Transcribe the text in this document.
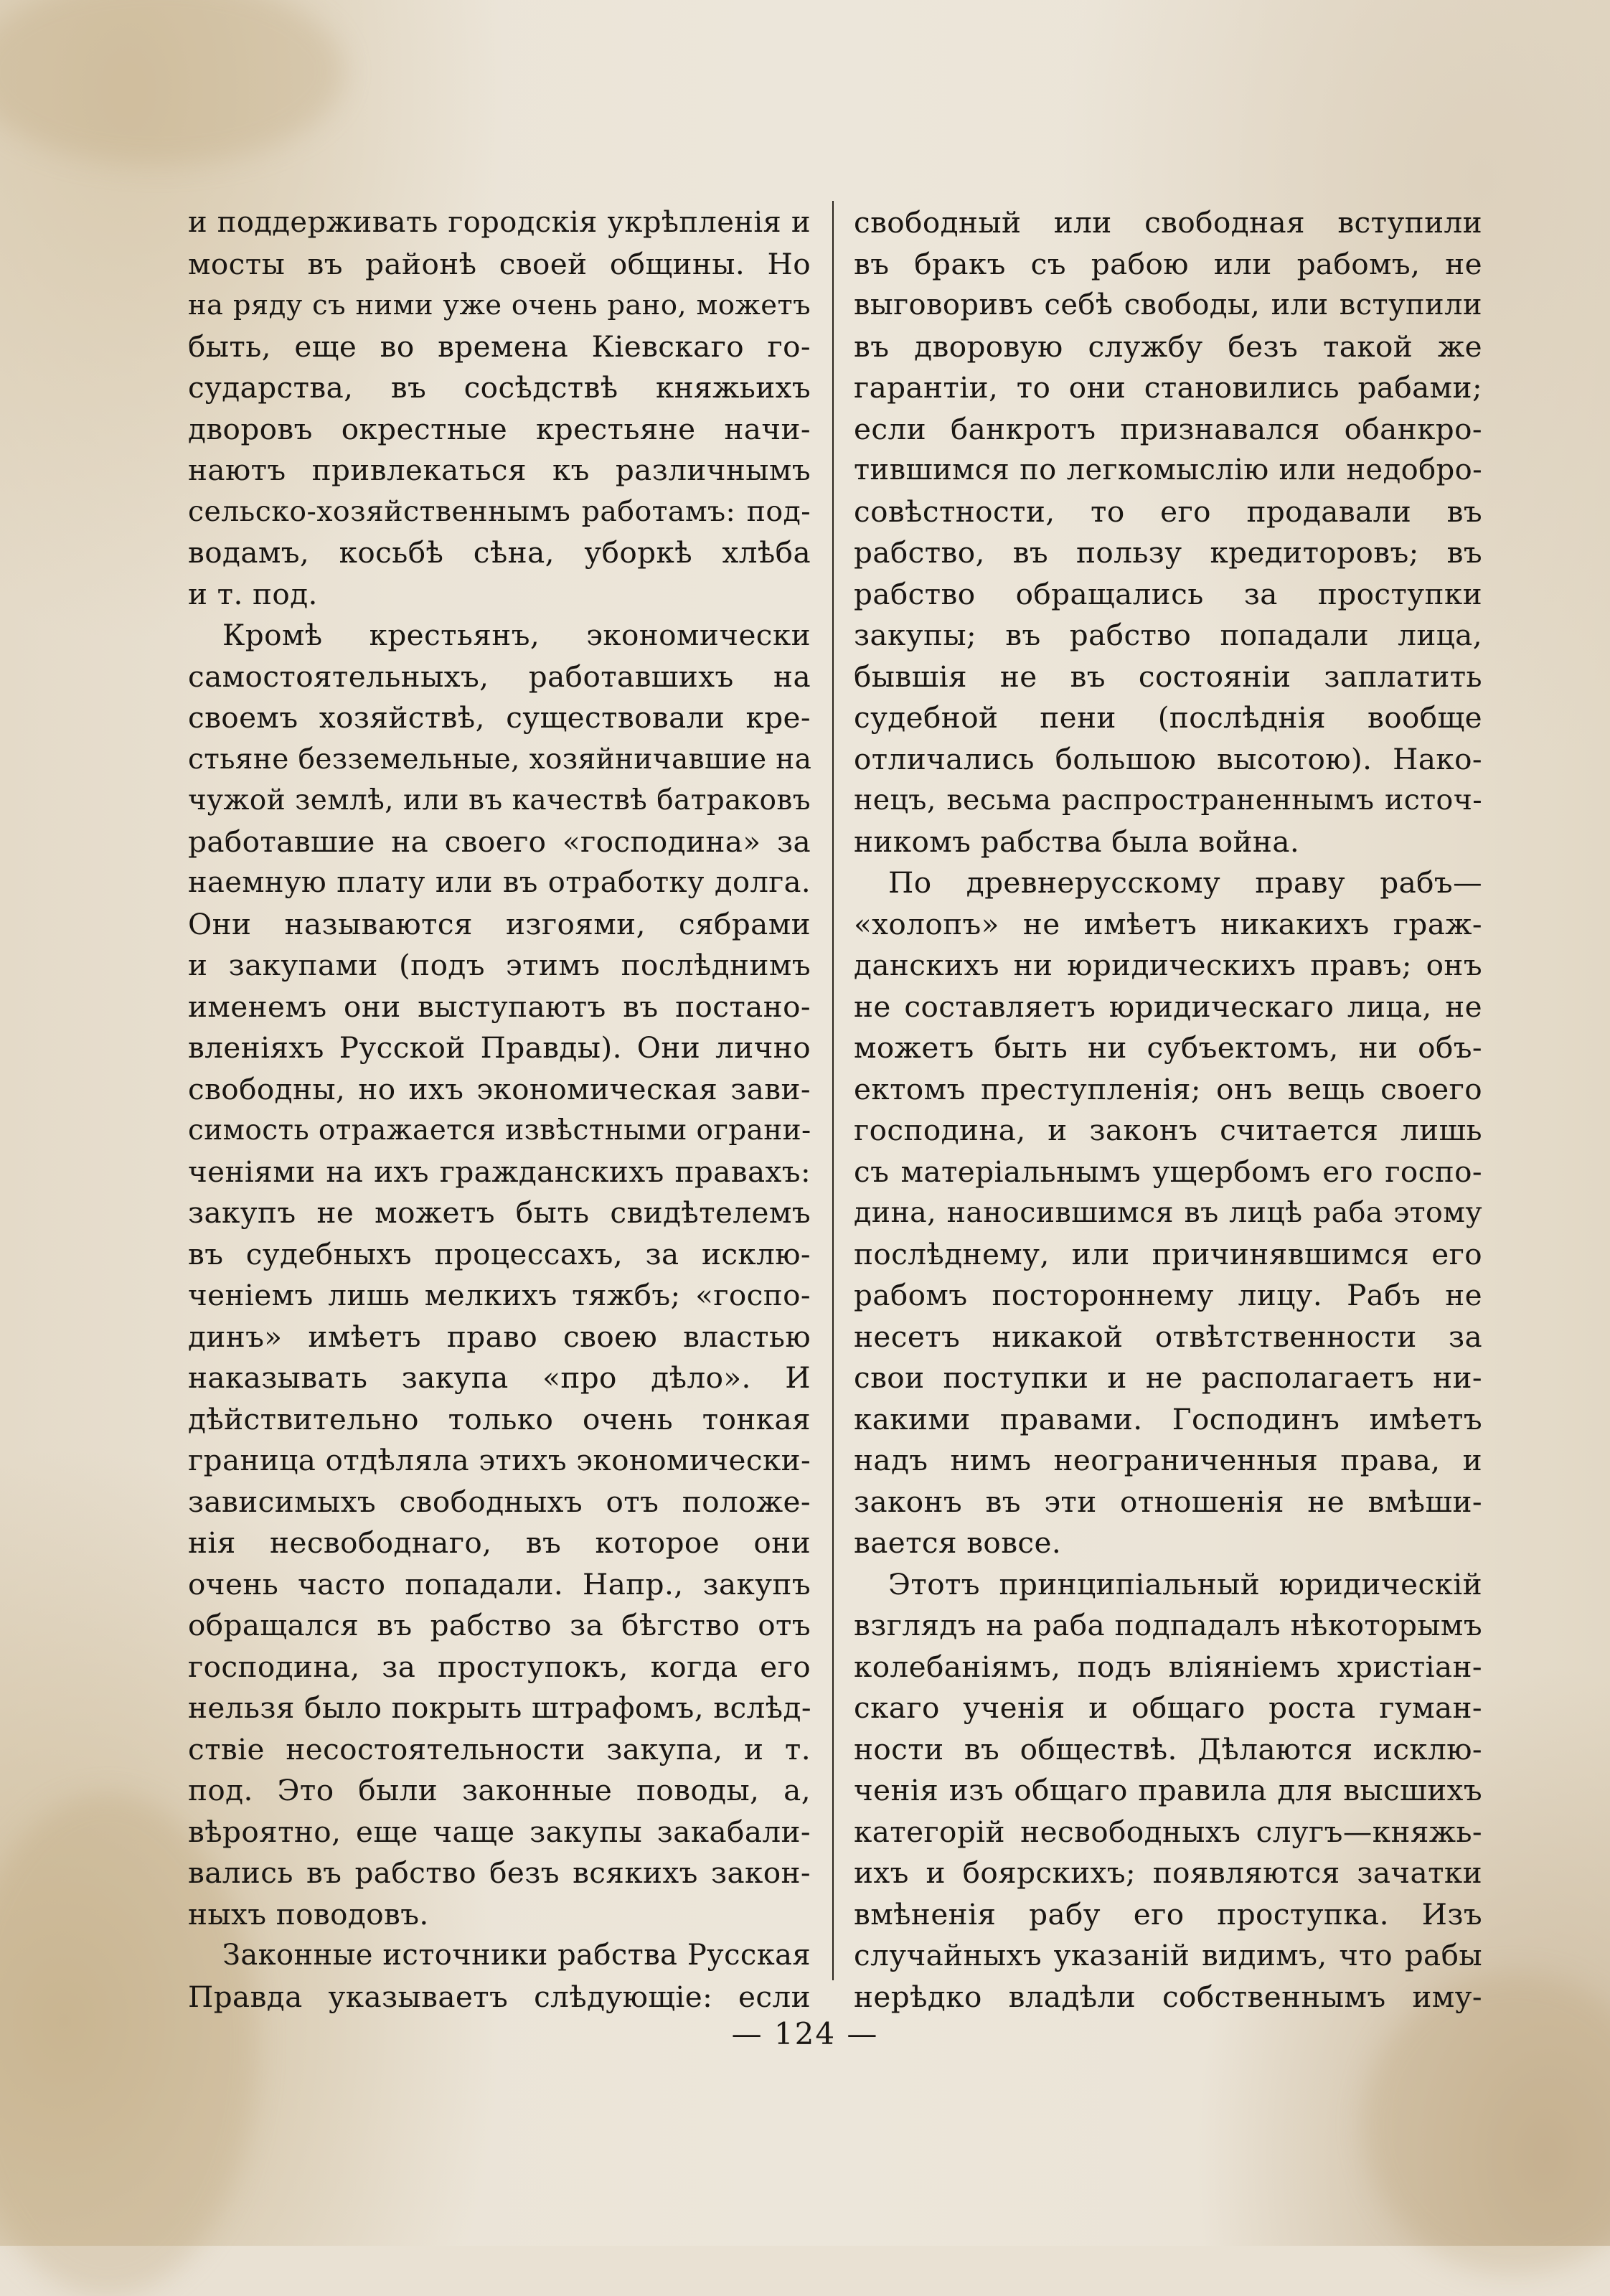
и поддерживать городскiя укрѣпленiя и
мосты въ районѣ своей общины. Но
на ряду съ ними уже очень рано, можетъ
быть, еще во времена Кiевскаго го-
сударства, въ сосѣдствѣ княжьихъ
дворовъ окрестные крестьяне начи-
наютъ привлекаться къ различнымъ
сельско-хозяйственнымъ работамъ: под-
водамъ, косьбѣ сѣна, уборкѣ хлѣба
и т. под.
Кромѣ крестьянъ, экономически
самостоятельныхъ, работавшихъ на
своемъ хозяйствѣ, существовали кре-
стьяне безземельные, хозяйничавшие на
чужой землѣ, или въ качествѣ батраковъ
работавшие на своего «господина» за
наемную плату или въ отработку долга.
Они называются изгоями, сябрами
и закупами (подъ этимъ послѣднимъ
именемъ они выступаютъ въ постано-
вленiяхъ Русской Правды). Они лично
свободны, но ихъ экономическая зави-
симость отражается извѣстными ограни-
ченiями на ихъ гражданскихъ правахъ:
закупъ не можетъ быть свидѣтелемъ
въ судебныхъ процессахъ, за исклю-
ченiемъ лишь мелкихъ тяжбъ; «госпо-
динъ» имѣетъ право своею властью
наказывать закупа «про дѣло». И
дѣйствительно только очень тонкая
граница отдѣляла этихъ экономически-
зависимыхъ свободныхъ отъ положе-
нiя несвободнаго, въ которое они
очень часто попадали. Напр., закупъ
обращался въ рабство за бѣгство отъ
господина, за проступокъ, когда его
нельзя было покрыть штрафомъ, вслѣд-
ствiе несостоятельности закупа, и т.
под. Это были законные поводы, а,
вѣроятно, еще чаще закупы закабали-
вались въ рабство безъ всякихъ закон-
ныхъ поводовъ.
Законные источники рабства Русская
Правда указываетъ слѣдующiе: если
свободный или свободная вступили
въ бракъ съ рабою или рабомъ, не
выговоривъ себѣ свободы, или вступили
въ дворовую службу безъ такой же
гарантiи, то они становились рабами;
если банкротъ признавался обанкро-
тившимся по легкомыслiю или недобро-
совѣстности, то его продавали въ
рабство, въ пользу кредиторовъ; въ
рабство обращались за проступки
закупы; въ рабство попадали лица,
бывшiя не въ состоянiи заплатить
судебной пени (послѣднiя вообще
отличались большою высотою). Нако-
нецъ, весьма распространеннымъ источ-
никомъ рабства была война.
По древнерусскому праву рабъ—
«холопъ» не имѣетъ никакихъ граж-
данскихъ ни юридическихъ правъ; онъ
не составляетъ юридическаго лица, не
можетъ быть ни субъектомъ, ни объ-
ектомъ преступленiя; онъ вещь своего
господина, и законъ считается лишь
съ матерiальнымъ ущербомъ его госпо-
дина, наносившимся въ лицѣ раба этому
послѣднему, или причинявшимся его
рабомъ постороннему лицу. Рабъ не
несетъ никакой отвѣтственности за
свои поступки и не располагаетъ ни-
какими правами. Господинъ имѣетъ
надъ нимъ неограниченныя права, и
законъ въ эти отношенiя не вмѣши-
вается вовсе.
Этотъ принципiальный юридическiй
взглядъ на раба подпадалъ нѣкоторымъ
колебанiямъ, подъ влiянiемъ христiан-
скаго ученiя и общаго роста гуман-
ности въ обществѣ. Дѣлаются исклю-
ченiя изъ общаго правила для высшихъ
категорiй несвободныхъ слугъ—княжь-
ихъ и боярскихъ; появляются зачатки
вмѣненiя рабу его проступка. Изъ
случайныхъ указанiй видимъ, что рабы
нерѣдко владѣли собственнымъ иму-
— 124 —
